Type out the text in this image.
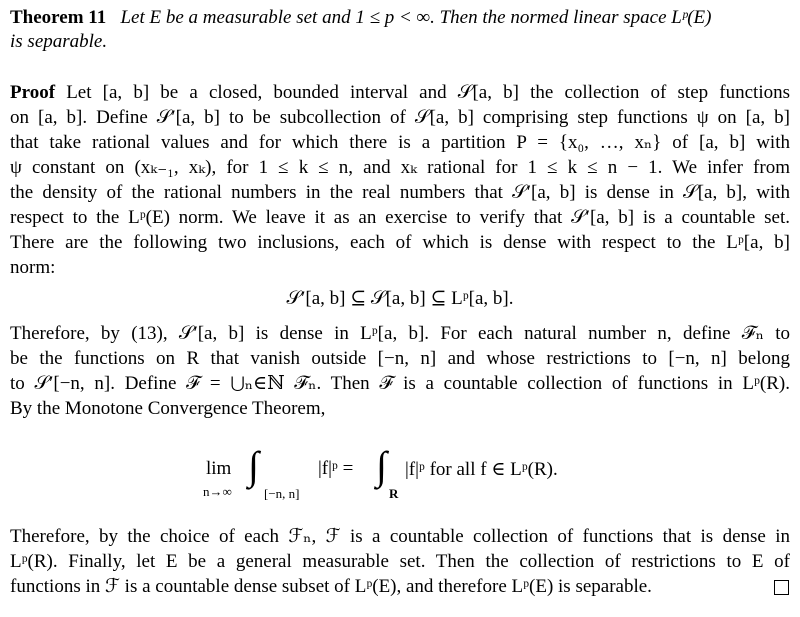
Theorem 11 Let E be a measurable set and 1 ≤ p < ∞. Then the normed linear space Lᵖ(E)
is separable.
Proof Let [a, b] be a closed, bounded interval and 𝒮[a, b] the collection of step functions
on [a, b]. Define 𝒮′[a, b] to be subcollection of 𝒮[a, b] comprising step functions ψ on [a, b]
that take rational values and for which there is a partition P = {x₀, …, xₙ} of [a, b] with
ψ constant on (xₖ₋₁, xₖ), for 1 ≤ k ≤ n, and xₖ rational for 1 ≤ k ≤ n − 1. We infer from
the density of the rational numbers in the real numbers that 𝒮′[a, b] is dense in 𝒮[a, b], with
respect to the Lᵖ(E) norm. We leave it as an exercise to verify that 𝒮′[a, b] is a countable set.
There are the following two inclusions, each of which is dense with respect to the Lᵖ[a, b]
norm:
𝒮′[a, b] ⊆ 𝒮[a, b] ⊆ Lᵖ[a, b].
Therefore, by (13), 𝒮′[a, b] is dense in Lᵖ[a, b]. For each natural number n, define ℱₙ to
be the functions on R that vanish outside [−n, n] and whose restrictions to [−n, n] belong
to 𝒮′[−n, n]. Define ℱ = ⋃ₙ∈ℕ ℱₙ. Then ℱ is a countable collection of functions in Lᵖ(R).
By the Monotone Convergence Theorem,
lim
n→∞
∫
[−n, n]
|f|ᵖ = ∫
R
|f|ᵖ for all f ∈ Lᵖ(R).
Therefore, by the choice of each ℱₙ, ℱ is a countable collection of functions that is dense in
Lᵖ(R). Finally, let E be a general measurable set. Then the collection of restrictions to E of
functions in ℱ is a countable dense subset of Lᵖ(E), and therefore Lᵖ(E) is separable.
